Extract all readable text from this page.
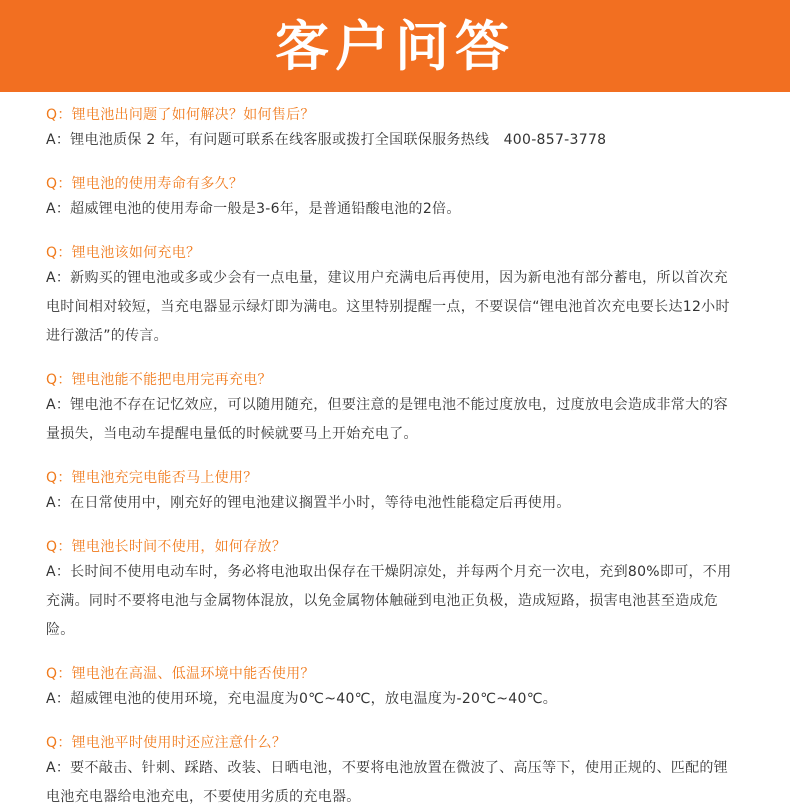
客户问答
Q：锂电池出问题了如何解决？如何售后？
A：锂电池质保 2 年，有问题可联系在线客服或拨打全国联保服务热线　400-857-3778
Q：锂电池的使用寿命有多久？
A：超威锂电池的使用寿命一般是3-6年，是普通铅酸电池的2倍。
Q：锂电池该如何充电？
A：新购买的锂电池或多或少会有一点电量，建议用户充满电后再使用，因为新电池有部分蓄电，所以首次充电时间相对较短，当充电器显示绿灯即为满电。这里特别提醒一点，不要误信“锂电池首次充电要长达12小时进行激活”的传言。
Q：锂电池能不能把电用完再充电？
A：锂电池不存在记忆效应，可以随用随充，但要注意的是锂电池不能过度放电，过度放电会造成非常大的容量损失，当电动车提醒电量低的时候就要马上开始充电了。
Q：锂电池充完电能否马上使用？
A：在日常使用中，刚充好的锂电池建议搁置半小时，等待电池性能稳定后再使用。
Q：锂电池长时间不使用，如何存放？
A：长时间不使用电动车时，务必将电池取出保存在干燥阴凉处，并每两个月充一次电，充到80%即可，不用充满。同时不要将电池与金属物体混放，以免金属物体触碰到电池正负极，造成短路，损害电池甚至造成危险。
Q：锂电池在高温、低温环境中能否使用？
A：超威锂电池的使用环境，充电温度为0℃~40℃，放电温度为-20℃~40℃。
Q：锂电池平时使用时还应注意什么？
A：要不敲击、针刺、踩踏、改装、日晒电池，不要将电池放置在微波了、高压等下，使用正规的、匹配的锂电池充电器给电池充电，不要使用劣质的充电器。
